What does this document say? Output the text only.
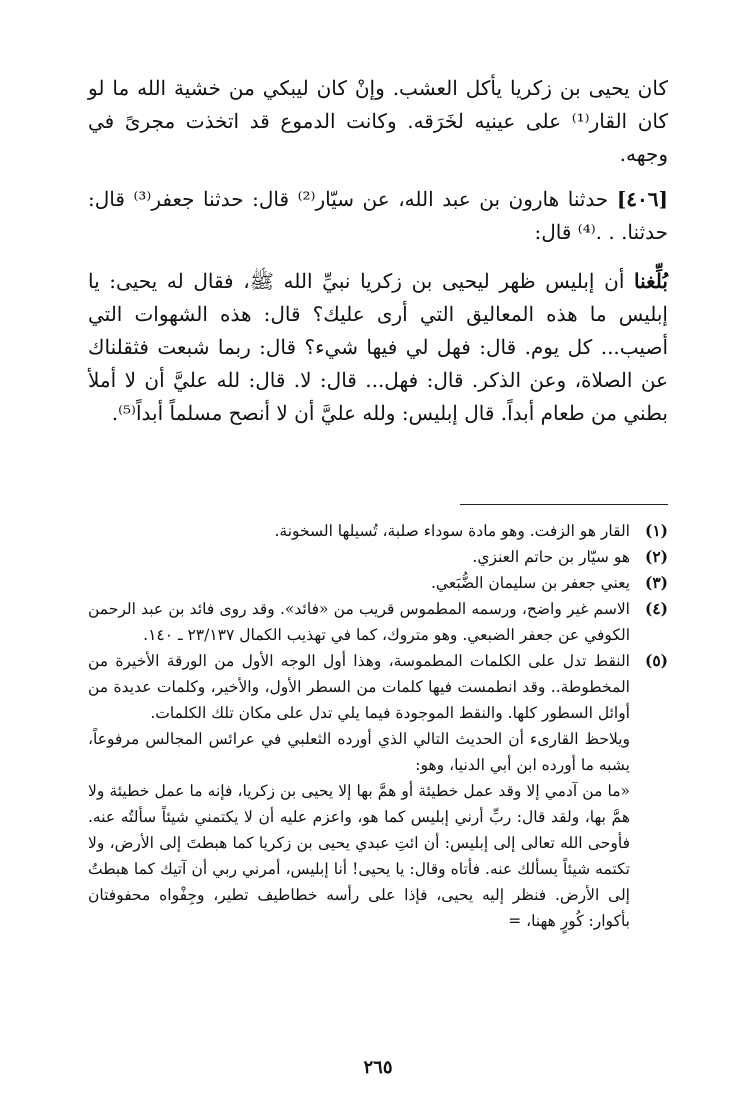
كان يحيى بن زكريا يأكل العشب. وإنْ كان ليبكي من خشية الله ما لو كان القار⁽¹⁾ على عينيه لخَرَقه. وكانت الدموع قد اتخذت مجرىً في وجهه.

[٤٠٦] حدثنا هارون بن عبد الله، عن سيّار⁽²⁾ قال: حدثنا جعفر⁽³⁾ قال: حدثنا. . .⁽⁴⁾ قال:

بُلِّغنا أن إبليس ظهر ليحيى بن زكريا نبيِّ الله ﷺ، فقال له يحيى: يا إبليس ما هذه المعاليق التي أرى عليك؟ قال: هذه الشهوات التي أصيب... كل يوم. قال: فهل لي فيها شيء؟ قال: ربما شبعت فثقلناك عن الصلاة، وعن الذكر. قال: فهل... قال: لا. قال: لله عليَّ أن لا أملأ بطني من طعام أبداً. قال إبليس: ولله عليَّ أن لا أنصح مسلماً أبداً⁽⁵⁾.

(١)
القار هو الزفت. وهو مادة سوداء صلبة، تُسيلها السخونة.
(٢)
هو سيّار بن حاتم العنزي.
(٣)
يعني جعفر بن سليمان الضُّبَعي.
(٤)
الاسم غير واضح، ورسمه المطموس قريب من «فائد». وقد روى فائد بن عبد الرحمن الكوفي عن جعفر الضبعي. وهو متروك، كما في تهذيب الكمال ٢٣/١٣٧ ـ ١٤٠.
(٥)

النقط تدل على الكلمات المطموسة، وهذا أول الوجه الأول من الورقة الأخيرة من المخطوطة.. وقد انطمست فيها كلمات من السطر الأول، والأخير، وكلمات عديدة من أوائل السطور كلها. والنقط الموجودة فيما يلي تدل على مكان تلك الكلمات.

ويلاحظ القارىء أن الحديث التالي الذي أورده الثعلبي في عرائس المجالس مرفوعاً، يشبه ما أورده ابن أبي الدنيا، وهو:

«ما من آدمي إلا وقد عمل خطيئة أو همَّ بها إلا يحيى بن زكريا، فإنه ما عمل خطيئة ولا همَّ بها، ولقد قال: ربِّ أرني إبليس كما هو، واعزم عليه أن لا يكتمني شيئاً سألتُه عنه. فأوحى الله تعالى إلى إبليس: أن ائتِ عبدي يحيى بن زكريا كما هبطتَ إلى الأرض، ولا تكتمه شيئاً يسألك عنه. فأتاه وقال: يا يحيى! أنا إبليس، أمرني ربي أن آتيك كما هبطتُ إلى الأرض. فنظر إليه يحيى، فإذا على رأسه خطاطيف تطير، وجِفْواه محفوفتان بأكوار: كُورٍ ههنا، =

٢٦٥
